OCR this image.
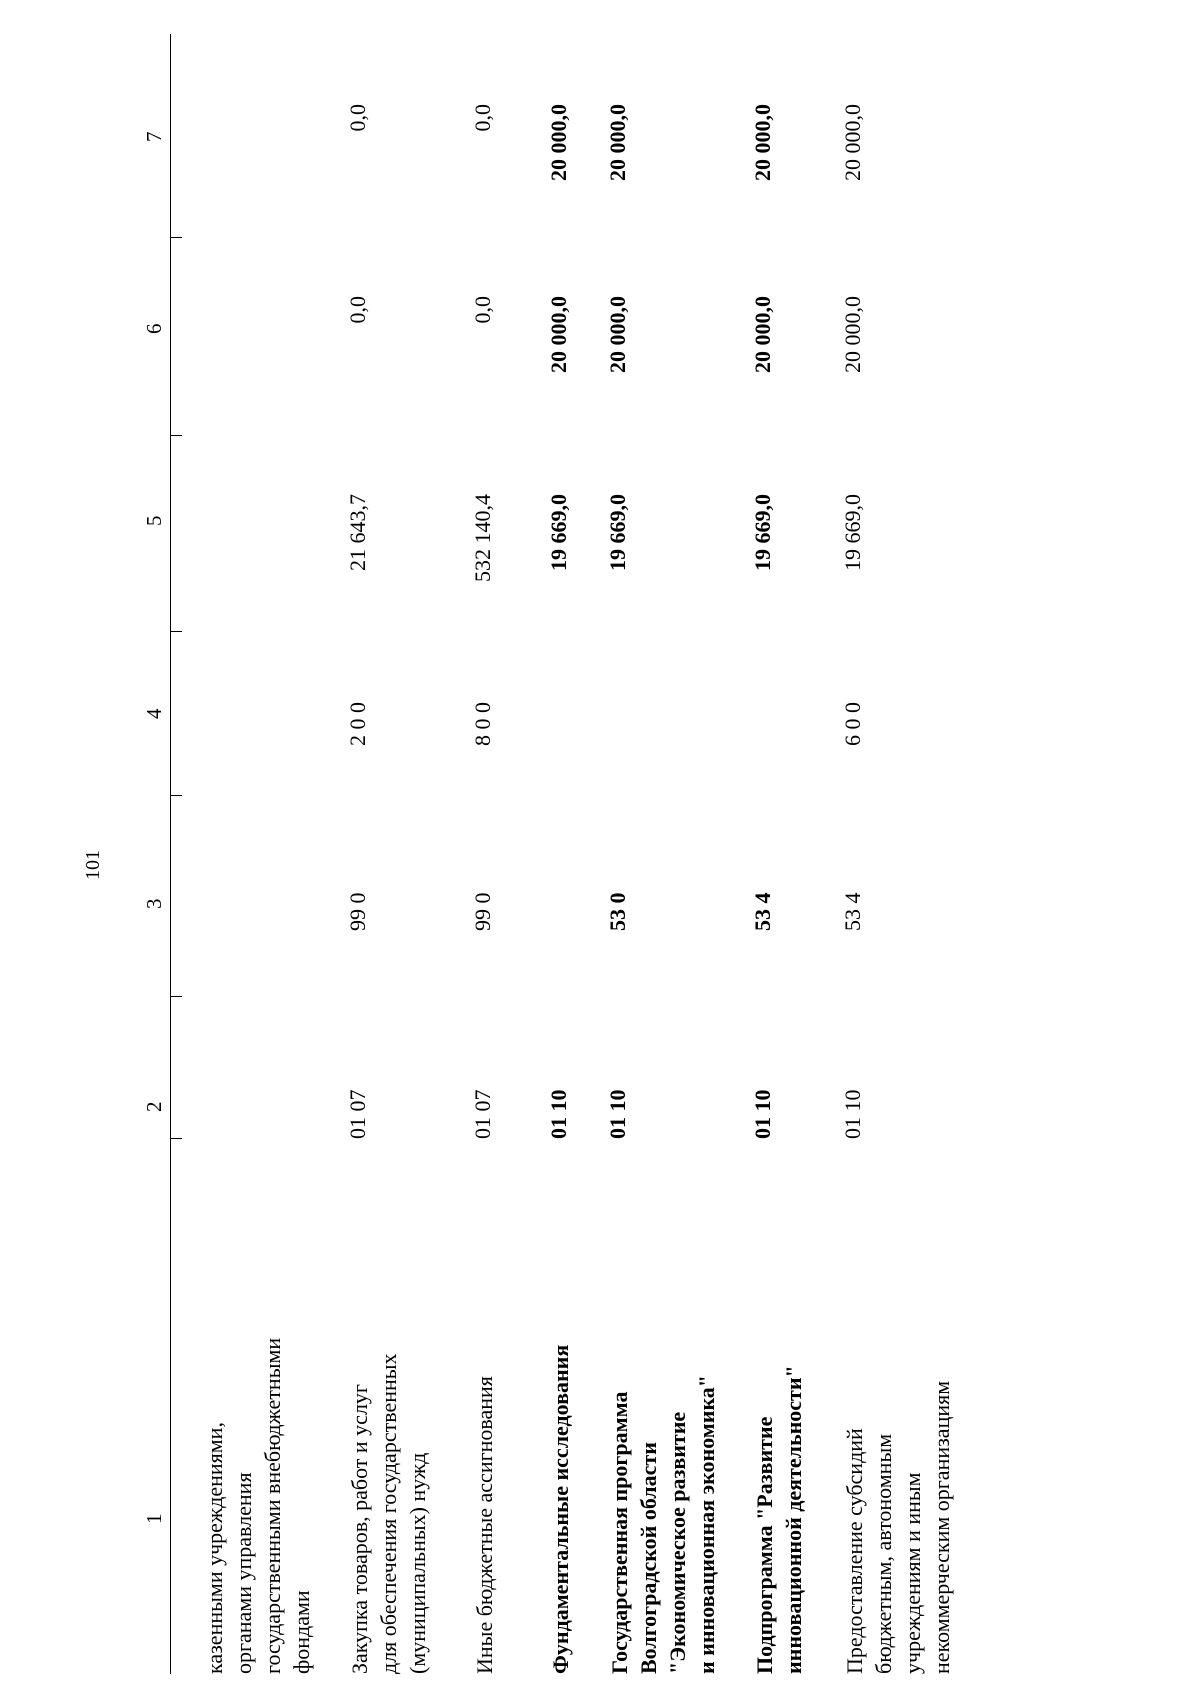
101
1
2
3
4
5
6
7
казенными учреждениями, органами управления государственными внебюджетными фондами Закупка товаров, работ и услуг для обеспечения государственных (муниципальных) нужд
01 07
99 0
2 0 0
21 643,7
0,0
0,0
Иные бюджетные ассигнования
01 07
99 0
8 0 0
532 140,4
0,0
0,0
Фундаментальные исследования
01 10
19 669,0
20 000,0
20 000,0
Государственная программа Волгоградской области "Экономическое развитие и инновационная экономика"
01 10
53 0
19 669,0
20 000,0
20 000,0
Подпрограмма "Развитие инновационной деятельности"
01 10
53 4
19 669,0
20 000,0
20 000,0
Предоставление субсидий бюджетным, автономным учреждениям и иным некоммерческим организациям
01 10
53 4
6 0 0
19 669,0
20 000,0
20 000,0
